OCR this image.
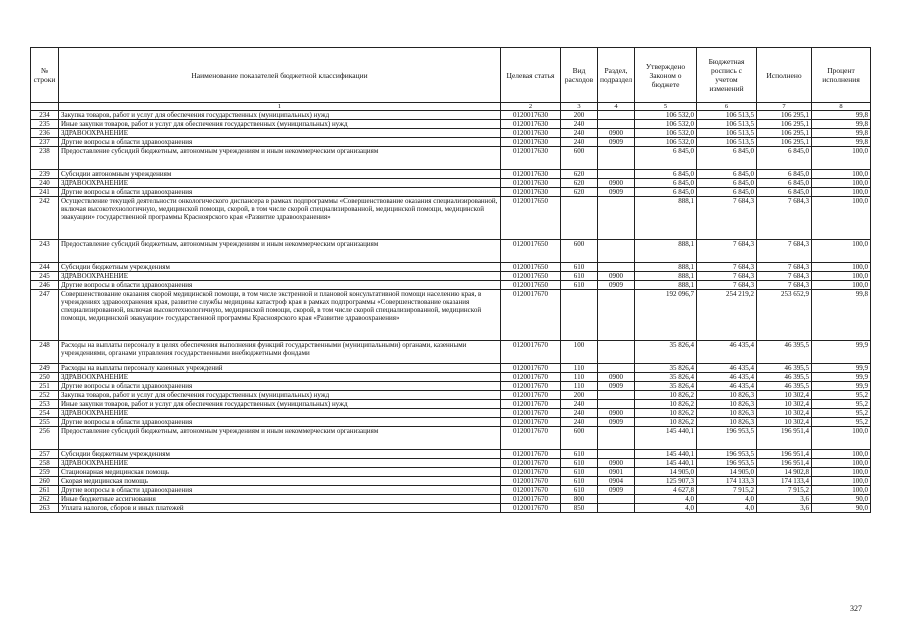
№ строки	Наименование показателей бюджетной классификации	Целевая статья	Вид расходов	Раздел, подраздел	Утверждено Законом о бюджете	Бюджетная роспись с учетом изменений	Исполнено	Процент исполнения
	1	2	3	4	5	6	7	8
234	Закупка товаров, работ и услуг для обеспечения государственных (муниципальных) нужд	0120017630	200		106 532,0	106 513,5	106 295,1	99,8
235	Иные закупки товаров, работ и услуг для обеспечения государственных (муниципальных) нужд	0120017630	240		106 532,0	106 513,5	106 295,1	99,8
236	ЗДРАВООХРАНЕНИЕ	0120017630	240	0900	106 532,0	106 513,5	106 295,1	99,8
237	Другие вопросы в области здравоохранения	0120017630	240	0909	106 532,0	106 513,5	106 295,1	99,8
238	Предоставление субсидий бюджетным, автономным учреждениям и иным некоммерческим организациям	0120017630	600		6 845,0	6 845,0	6 845,0	100,0
239	Субсидии автономным учреждениям	0120017630	620		6 845,0	6 845,0	6 845,0	100,0
240	ЗДРАВООХРАНЕНИЕ	0120017630	620	0900	6 845,0	6 845,0	6 845,0	100,0
241	Другие вопросы в области здравоохранения	0120017630	620	0909	6 845,0	6 845,0	6 845,0	100,0
242	Осуществление текущей деятельности онкологического диспансера в рамках подпрограммы «Совершенствование оказания специализированной, включая высокотехнологичную, медицинской помощи, скорой, в том числе скорой специализированной, медицинской помощи, медицинской эвакуации» государственной программы Красноярского края «Развитие здравоохранения»	0120017650			888,1	7 684,3	7 684,3	100,0
243	Предоставление субсидий бюджетным, автономным учреждениям и иным некоммерческим организациям	0120017650	600		888,1	7 684,3	7 684,3	100,0
244	Субсидии бюджетным учреждениям	0120017650	610		888,1	7 684,3	7 684,3	100,0
245	ЗДРАВООХРАНЕНИЕ	0120017650	610	0900	888,1	7 684,3	7 684,3	100,0
246	Другие вопросы в области здравоохранения	0120017650	610	0909	888,1	7 684,3	7 684,3	100,0
247	Совершенствование оказания скорой медицинской помощи, в том числе экстренной и плановой консультативной помощи населению края, в учреждениях здравоохранения края, развитие службы медицины катастроф края в рамках подпрограммы «Совершенствование оказания специализированной, включая высокотехнологичную, медицинской помощи, скорой, в том числе скорой специализированной, медицинской помощи, медицинской эвакуации» государственной программы Красноярского края «Развитие здравоохранения»	0120017670			192 096,7	254 219,2	253 652,9	99,8
248	Расходы на выплаты персоналу в целях обеспечения выполнения функций государственными (муниципальными) органами, казенными учреждениями, органами управления государственными внебюджетными фондами	0120017670	100		35 826,4	46 435,4	46 395,5	99,9
249	Расходы на выплаты персоналу казенных учреждений	0120017670	110		35 826,4	46 435,4	46 395,5	99,9
250	ЗДРАВООХРАНЕНИЕ	0120017670	110	0900	35 826,4	46 435,4	46 395,5	99,9
251	Другие вопросы в области здравоохранения	0120017670	110	0909	35 826,4	46 435,4	46 395,5	99,9
252	Закупка товаров, работ и услуг для обеспечения государственных (муниципальных) нужд	0120017670	200		10 826,2	10 826,3	10 302,4	95,2
253	Иные закупки товаров, работ и услуг для обеспечения государственных (муниципальных) нужд	0120017670	240		10 826,2	10 826,3	10 302,4	95,2
254	ЗДРАВООХРАНЕНИЕ	0120017670	240	0900	10 826,2	10 826,3	10 302,4	95,2
255	Другие вопросы в области здравоохранения	0120017670	240	0909	10 826,2	10 826,3	10 302,4	95,2
256	Предоставление субсидий бюджетным, автономным учреждениям и иным некоммерческим организациям	0120017670	600		145 440,1	196 953,5	196 951,4	100,0
257	Субсидии бюджетным учреждениям	0120017670	610		145 440,1	196 953,5	196 951,4	100,0
258	ЗДРАВООХРАНЕНИЕ	0120017670	610	0900	145 440,1	196 953,5	196 951,4	100,0
259	Стационарная медицинская помощь	0120017670	610	0901	14 905,0	14 905,0	14 902,8	100,0
260	Скорая медицинская помощь	0120017670	610	0904	125 907,3	174 133,3	174 133,4	100,0
261	Другие вопросы в области здравоохранения	0120017670	610	0909	4 627,8	7 915,2	7 915,2	100,0
262	Иные бюджетные ассигнования	0120017670	800		4,0	4,0	3,6	90,0
263	Уплата налогов, сборов и иных платежей	0120017670	850		4,0	4,0	3,6	90,0
327
